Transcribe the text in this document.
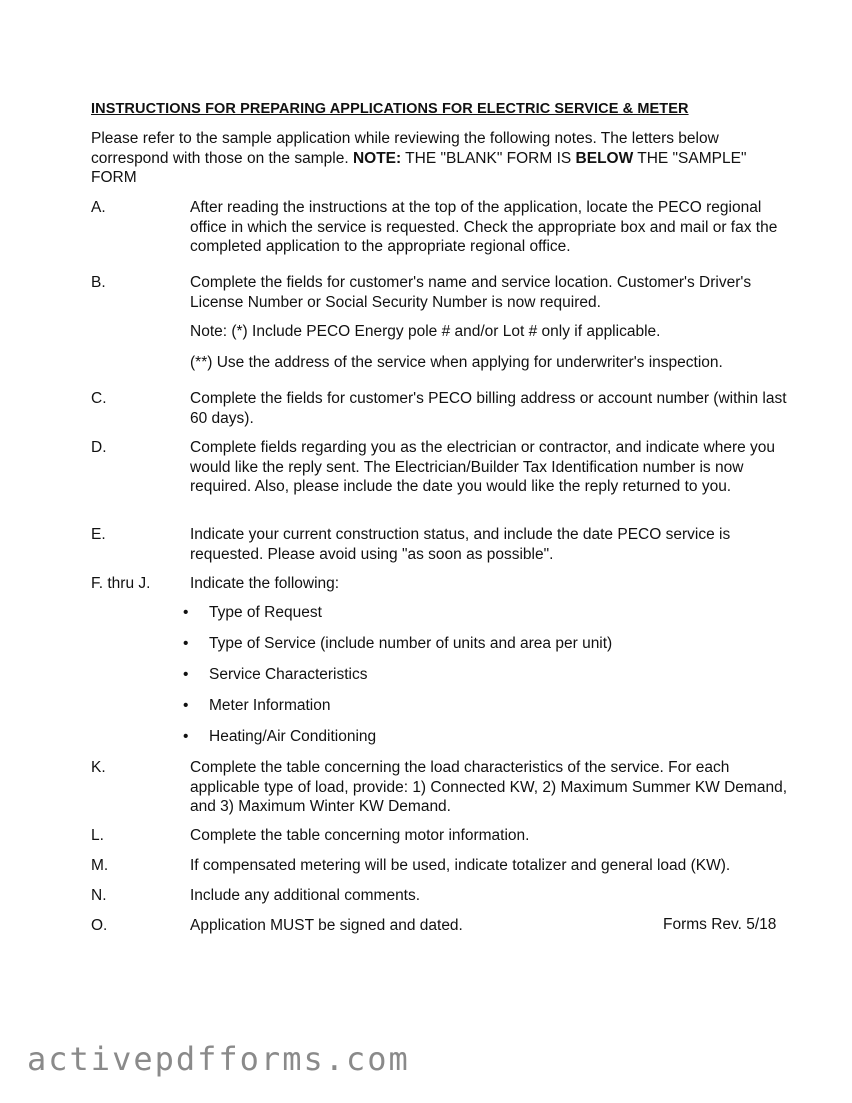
INSTRUCTIONS FOR PREPARING APPLICATIONS FOR ELECTRIC SERVICE & METER
Please refer to the sample application while reviewing the following notes. The letters below correspond with those on the sample. NOTE: THE "BLANK" FORM IS BELOW THE "SAMPLE" FORM
A.	After reading the instructions at the top of the application, locate the PECO regional office in which the service is requested. Check the appropriate box and mail or fax the completed application to the appropriate regional office.
B.	Complete the fields for customer's name and service location. Customer's Driver's License Number or Social Security Number is now required.
Note: (*) Include PECO Energy pole # and/or Lot # only if applicable.
(**) Use the address of the service when applying for underwriter's inspection.
C.	Complete the fields for customer's PECO billing address or account number (within last 60 days).
D.	Complete fields regarding you as the electrician or contractor, and indicate where you would like the reply sent. The Electrician/Builder Tax Identification number is now required. Also, please include the date you would like the reply returned to you.
E.	Indicate your current construction status, and include the date PECO service is requested. Please avoid using "as soon as possible".
F. thru J.	Indicate the following:
• Type of Request
• Type of Service (include number of units and area per unit)
• Service Characteristics
• Meter Information
• Heating/Air Conditioning
K.	Complete the table concerning the load characteristics of the service. For each applicable type of load, provide: 1) Connected KW, 2) Maximum Summer KW Demand, and 3) Maximum Winter KW Demand.
L.	Complete the table concerning motor information.
M.	If compensated metering will be used, indicate totalizer and general load (KW).
N.	Include any additional comments.
O.	Application MUST be signed and dated.	Forms Rev. 5/18
activepdfforms.com
